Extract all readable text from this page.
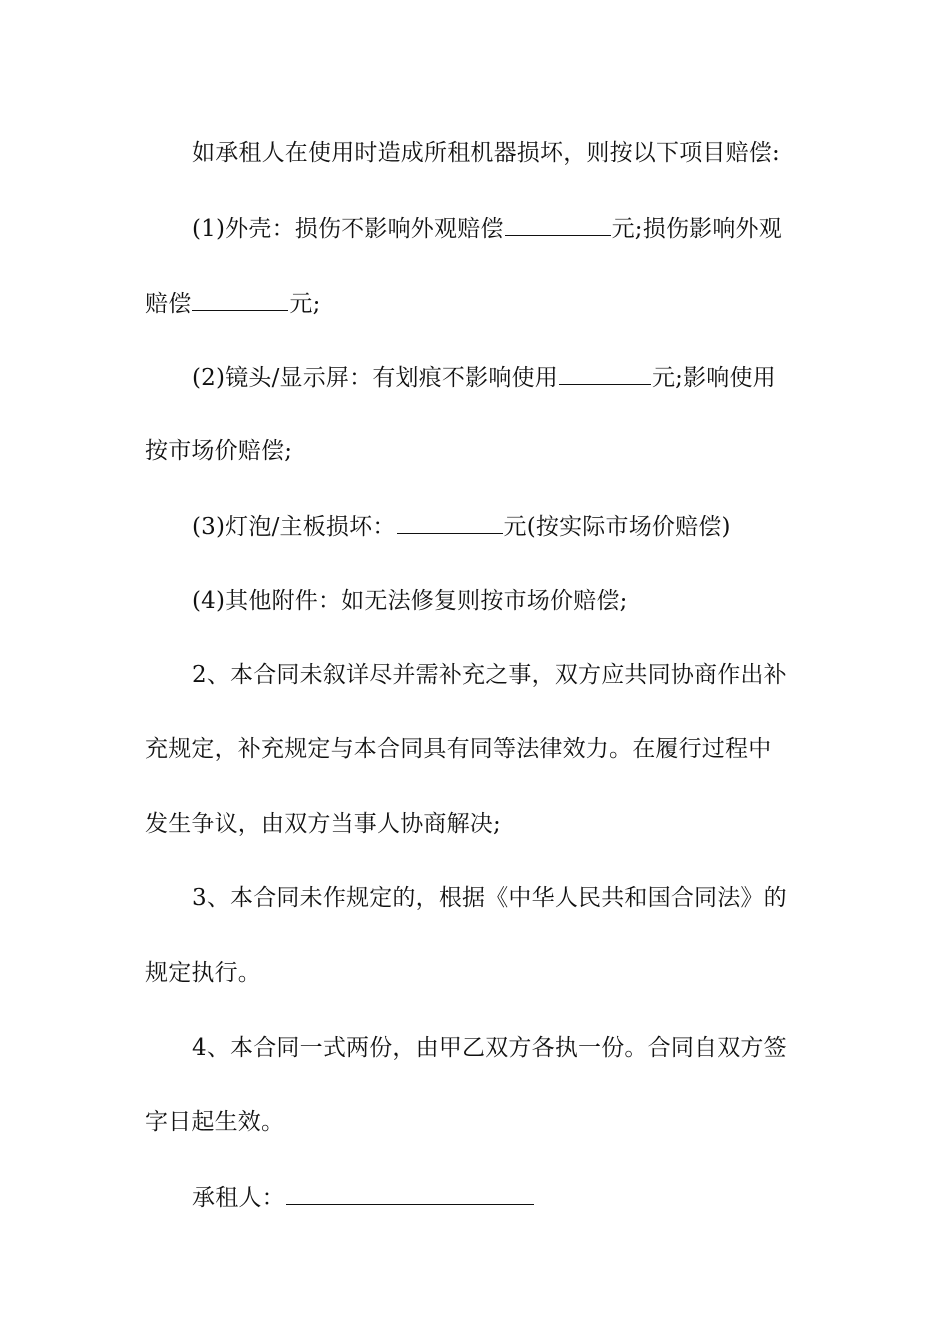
如承租人在使用时造成所租机器损坏，则按以下项目赔偿:
(1)外壳：损伤不影响外观赔偿	元;损伤影响外观
赔偿	元;
(2)镜头/显示屏：有划痕不影响使用	元;影响使用
按市场价赔偿;
(3)灯泡/主板损坏：	元(按实际市场价赔偿)
(4)其他附件：如无法修复则按市场价赔偿;
2、本合同未叙详尽并需补充之事，双方应共同协商作出补
充规定，补充规定与本合同具有同等法律效力。在履行过程中
发生争议，由双方当事人协商解决;
3、本合同未作规定的，根据《中华人民共和国合同法》的
规定执行。
4、本合同一式两份，由甲乙双方各执一份。合同自双方签
字日起生效。
承租人：
